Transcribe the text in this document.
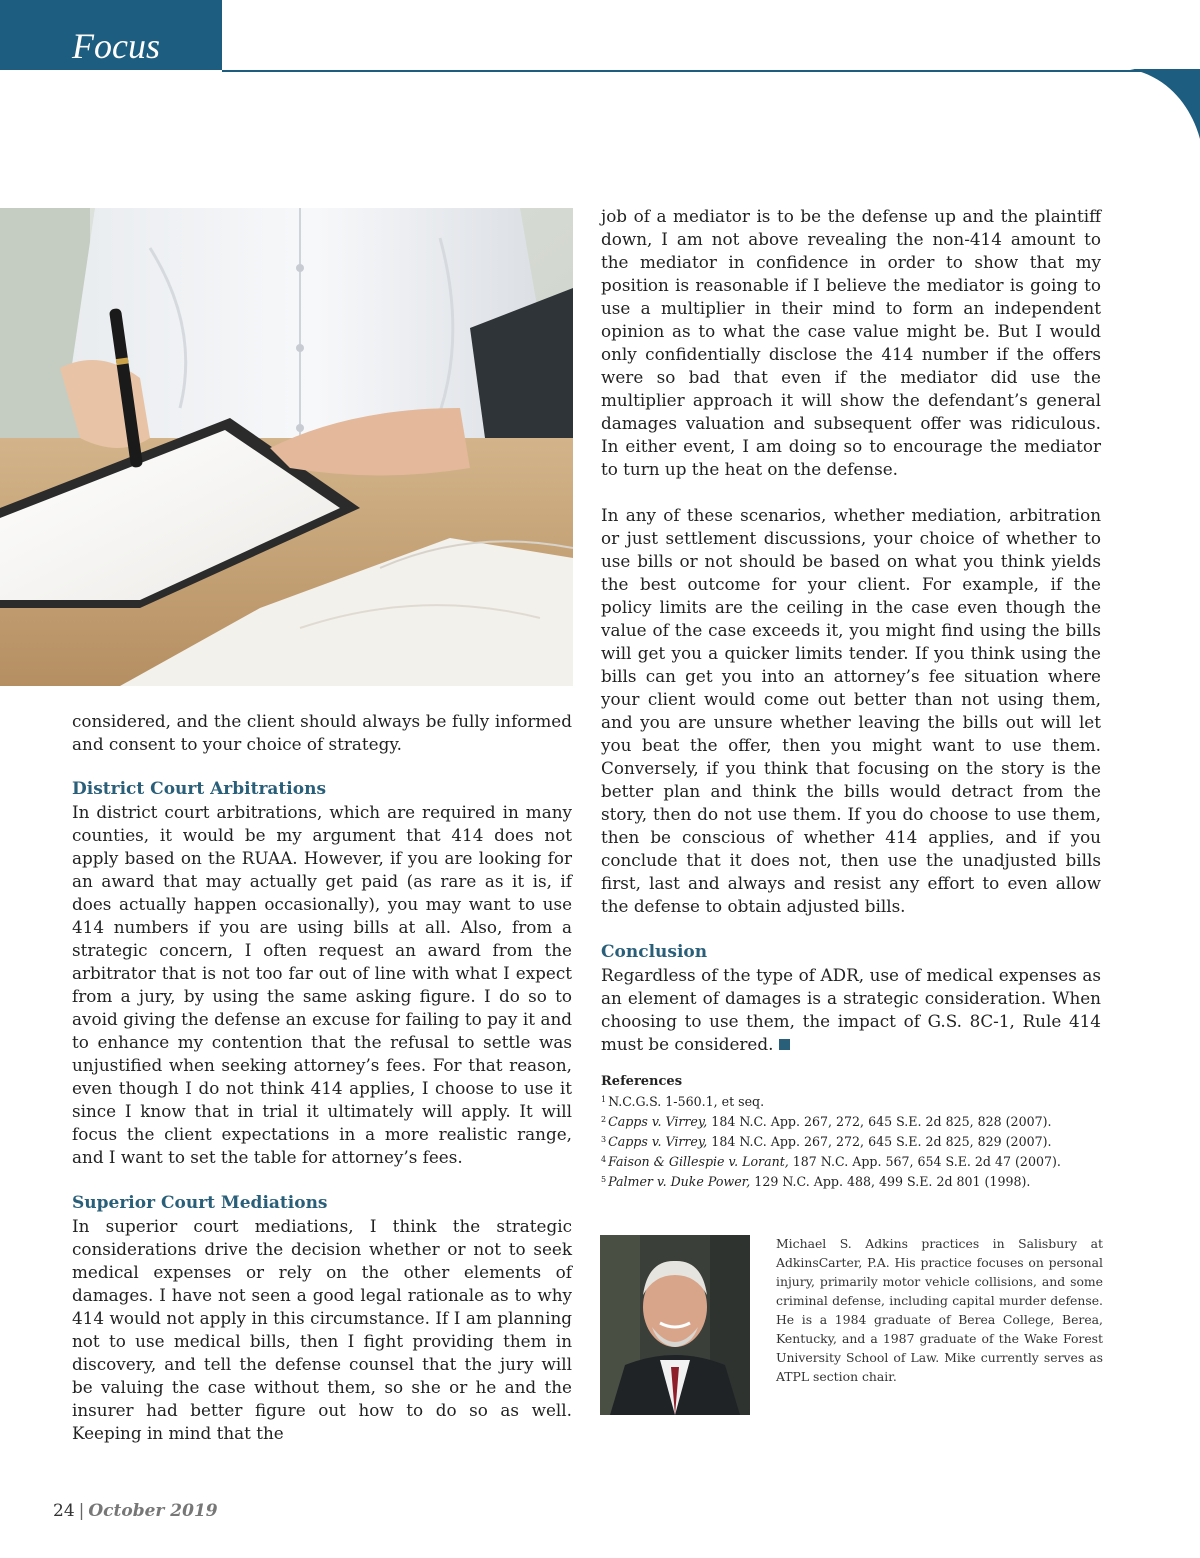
Focus

considered, and the client should always be fully informed and consent to your choice of strategy.

District Court Arbitrations

In district court arbitrations, which are required in many counties, it would be my argument that 414 does not apply based on the RUAA. However, if you are looking for an award that may actually get paid (as rare as it is, if does actually happen occasionally), you may want to use 414 numbers if you are using bills at all. Also, from a strategic concern, I often request an award from the arbitrator that is not too far out of line with what I expect from a jury, by using the same asking figure. I do so to avoid giving the defense an excuse for failing to pay it and to enhance my contention that the refusal to settle was unjustified when seeking attorney’s fees. For that reason, even though I do not think 414 applies, I choose to use it since I know that in trial it ultimately will apply. It will focus the client expectations in a more realistic range, and I want to set the table for attorney’s fees.

Superior Court Mediations

In superior court mediations, I think the strategic considerations drive the decision whether or not to seek medical expenses or rely on the other elements of damages. I have not seen a good legal rationale as to why 414 would not apply in this circumstance. If I am planning not to use medical bills, then I fight providing them in discovery, and tell the defense counsel that the jury will be valuing the case without them, so she or he and the insurer had better figure out how to do so as well. Keeping in mind that the

job of a mediator is to be the defense up and the plaintiff down, I am not above revealing the non-414 amount to the mediator in confidence in order to show that my position is reasonable if I believe the mediator is going to use a multiplier in their mind to form an independent opinion as to what the case value might be. But I would only confidentially disclose the 414 number if the offers were so bad that even if the mediator did use the multiplier approach it will show the defendant’s general damages valuation and subsequent offer was ridiculous. In either event, I am doing so to encourage the mediator to turn up the heat on the defense.

In any of these scenarios, whether mediation, arbitration or just settlement discussions, your choice of whether to use bills or not should be based on what you think yields the best outcome for your client. For example, if the policy limits are the ceiling in the case even though the value of the case exceeds it, you might find using the bills will get you a quicker limits tender. If you think using the bills can get you into an attorney’s fee situation where your client would come out better than not using them, and you are unsure whether leaving the bills out will let you beat the offer, then you might want to use them. Conversely, if you think that focusing on the story is the better plan and think the bills would detract from the story, then do not use them. If you do choose to use them, then be conscious of whether 414 applies, and if you conclude that it does not, then use the unadjusted bills first, last and always and resist any effort to even allow the defense to obtain adjusted bills.

Conclusion

Regardless of the type of ADR, use of medical expenses as an element of damages is a strategic consideration. When choosing to use them, the impact of G.S. 8C-1, Rule 414 must be considered.

References
$^1$ N.C.G.S. 1-560.1, et seq.
$^2$ Capps v. Virrey, 184 N.C. App. 267, 272, 645 S.E. 2d 825, 828 (2007).
$^3$ Capps v. Virrey, 184 N.C. App. 267, 272, 645 S.E. 2d 825, 829 (2007).
$^4$ Faison & Gillespie v. Lorant, 187 N.C. App. 567, 654 S.E. 2d 47 (2007).
$^5$ Palmer v. Duke Power, 129 N.C. App. 488, 499 S.E. 2d 801 (1998).
Michael S. Adkins practices in Salisbury at AdkinsCarter, P.A. His practice focuses on personal injury, primarily motor vehicle collisions, and some criminal defense, including capital murder defense. He is a 1984 graduate of Berea College, Berea, Kentucky, and a 1987 graduate of the Wake Forest University School of Law. Mike currently serves as ATPL section chair.
24 | October 2019
